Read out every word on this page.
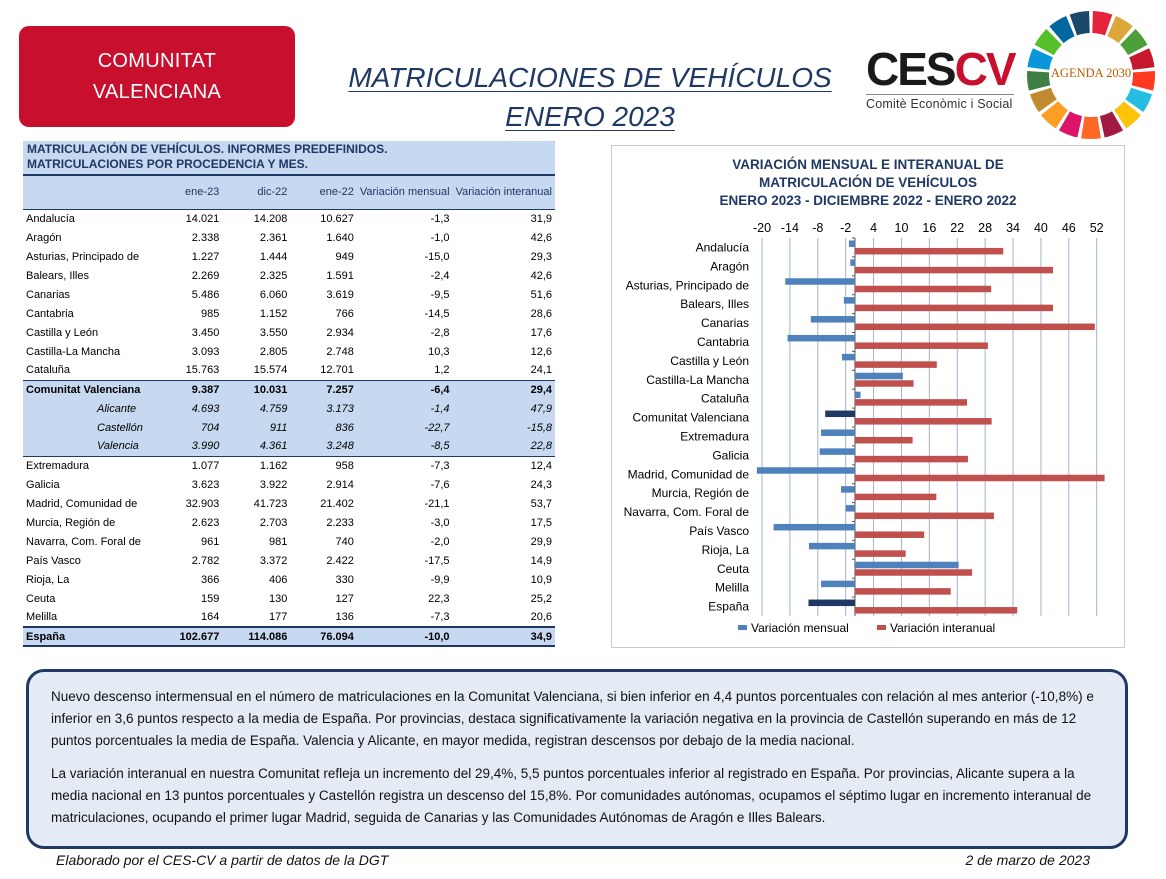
COMUNITAT
VALENCIANA	MATRICULACIONES DE VEHÍCULOS
ENERO 2023
CESCV
Comitè Econòmic i Social
AGENDA 2030
MATRICULACIÓN DE VEHÍCULOS. INFORMES PREDEFINIDOS.
MATRICULACIONES POR PROCEDENCIA Y MES.					

	ene-23	dic-22	ene-22	Variación mensual	Variación interanual
Andalucía	14.021	14.208	10.627	-1,3	31,9
Aragón	2.338	2.361	1.640	-1,0	42,6
Asturias, Principado de	1.227	1.444	949	-15,0	29,3
Balears, Illes	2.269	2.325	1.591	-2,4	42,6
Canarias	5.486	6.060	3.619	-9,5	51,6
Cantabria	985	1.152	766	-14,5	28,6
Castilla y León	3.450	3.550	2.934	-2,8	17,6
Castilla-La Mancha	3.093	2.805	2.748	10,3	12,6
Cataluña	15.763	15.574	12.701	1,2	24,1
Comunitat Valenciana	9.387	10.031	7.257	-6,4	29,4
Alicante	4.693	4.759	3.173	-1,4	47,9
Castellón	704	911	836	-22,7	-15,8
Valencia	3.990	4.361	3.248	-8,5	22,8
Extremadura	1.077	1.162	958	-7,3	12,4
Galicia	3.623	3.922	2.914	-7,6	24,3
Madrid, Comunidad de	32.903	41.723	21.402	-21,1	53,7
Murcia, Región de	2.623	2.703	2.233	-3,0	17,5
Navarra, Com. Foral de	961	981	740	-2,0	29,9
País Vasco	2.782	3.372	2.422	-17,5	14,9
Rioja, La	366	406	330	-9,9	10,9
Ceuta	159	130	127	22,3	25,2
Melilla	164	177	136	-7,3	20,6
España	102.677	114.086	76.094	-10,0	34,9
VARIACIÓN MENSUAL E INTERANUAL DE
MATRICULACIÓN DE VEHÍCULOS
ENERO 2023 - DICIEMBRE 2022 - ENERO 2022
-20 -14 -8 -2 4 10 16 22 28 34 40 46 52
Andalucía
Aragón
Asturias, Principado de
Balears, Illes
Canarias
Cantabria
Castilla y León
Castilla-La Mancha
Cataluña
Comunitat Valenciana
Extremadura
Galicia
Madrid, Comunidad de
Murcia, Región de
Navarra, Com. Foral de
País Vasco
Rioja, La
Ceuta
Melilla
España
Variación mensual	Variación interanual

Nuevo descenso intermensual en el número de matriculaciones en la Comunitat Valenciana, si bien inferior en 4,4 puntos porcentuales con relación al mes anterior (-10,8%) e inferior en 3,6 puntos respecto a la media de España. Por provincias, destaca significativamente la variación negativa en la provincia de Castellón superando en más de 12 puntos porcentuales la media de España. Valencia y Alicante, en mayor medida, registran descensos por debajo de la media nacional.

La variación interanual en nuestra Comunitat refleja un incremento del 29,4%, 5,5 puntos porcentuales inferior al registrado en España. Por provincias, Alicante supera a la media nacional en 13 puntos porcentuales y Castellón registra un descenso del 15,8%. Por comunidades autónomas, ocupamos el séptimo lugar en incremento interanual de matriculaciones, ocupando el primer lugar Madrid, seguida de Canarias y las Comunidades Autónomas de Aragón e Illes Balears.

Elaborado por el CES-CV a partir de datos de la DGT	2 de marzo de 2023
